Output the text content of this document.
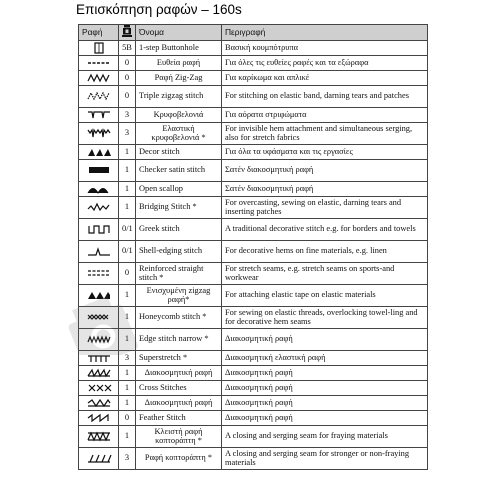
Επισκόπηση ραφών – 160s
Ραφή		Όνομα	Περιγραφή

	5B	1-step Buttonhole	Βασική κουμπότρυπα

	0	Ευθεία ραφή	Για όλες τις ευθείες ραφές και τα εξώραφα

	0	Ραφή Zig-Zag	Για καρίκωμα και απλικέ

	0	Triple zigzag stitch	For stitching on elastic band, darning tears and patches

	3	Κρυφοβελονιά	Για αόρατα στριφώματα

	3	Ελαστική κρυφοβελονιά *	For invisible hem attachment and simultaneous serging, also for stretch fabrics

	1	Decor stitch	Για όλα τα υφάσματα και τις εργασίες

	1	Checker satin stitch	Σατέν διακοσμητική ραφή

	1	Open scallop	Σατέν διακοσμητική ραφή

	1	Bridging Stitch *	For overcasting, sewing on elastic, darning tears and inserting patches

	0/1	Greek stitch	A traditional decorative stitch e.g. for borders and towels

	0/1	Shell-edging stitch	For decorative hems on fine materials, e.g. linen

	0	Reinforced straight stitch *	For stretch seams, e.g. stretch seams on sports-and workwear

	1	Ενισχυμένη zigzag ραφή*	For attaching elastic tape on elastic materials

	1	Honeycomb stitch *	For sewing on elastic threads, overlocking towel-ling and for decorative hem seams

	1	Edge stitch narrow *	Διακοσμητική ραφή

	3	Superstretch *	Διακοσμητική ελαστική ραφή

	1	Διακοσμητική ραφή	Διακοσμητική ραφή

	1	Cross Stitches	Διακοσμητική ραφή

	1	Διακοσμητική ραφή	Διακοσμητική ραφή

	0	Feather Stitch	Διακοσμητική ραφή

	1	Κλειστή ραφή κοπτοράπτη *	A closing and serging seam for fraying materials

	3	Ραφή κοπτοράπτη *	A closing and serging seam for stronger or non-fraying materials
